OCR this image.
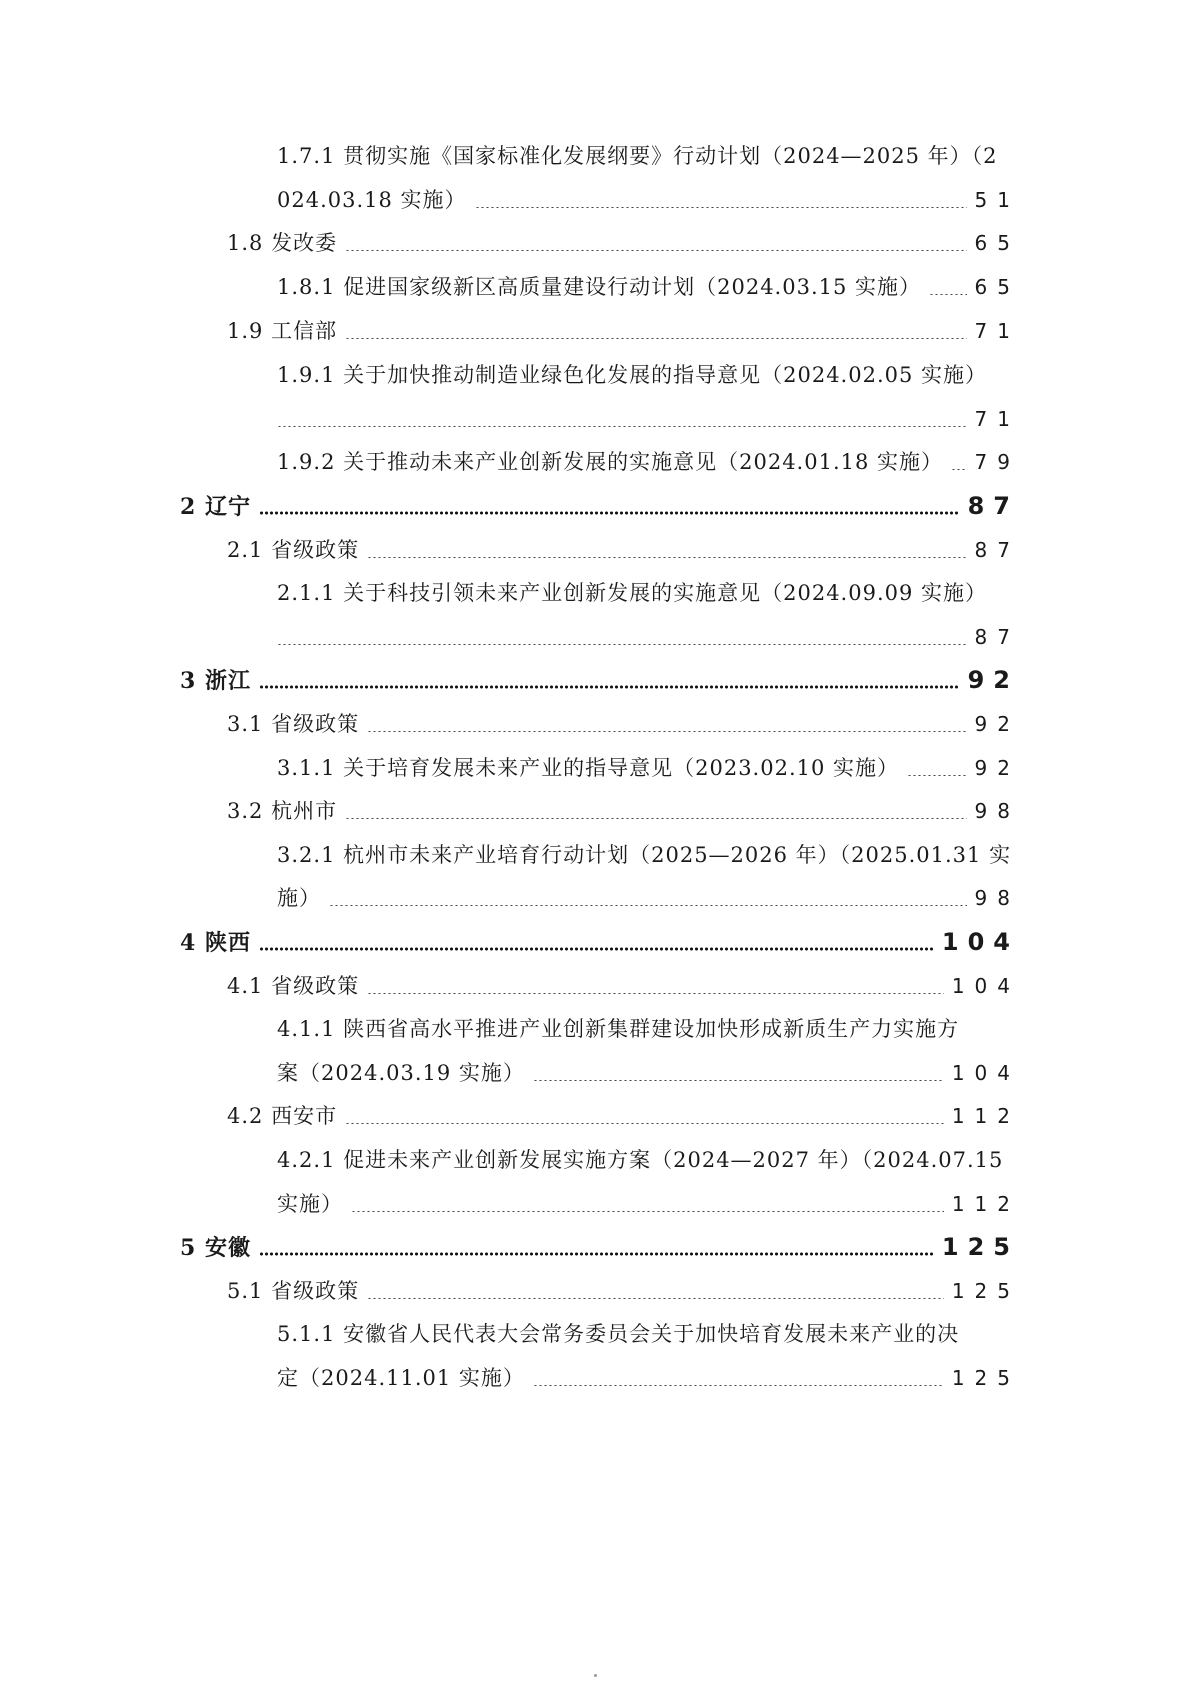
1.7.1 贯彻实施《国家标准化发展纲要》行动计划（2024—2025 年）（2
024.03.18 实施）	51
1.8 发改委	65
1.8.1 促进国家级新区高质量建设行动计划（2024.03.15 实施）	65
1.9 工信部	71
1.9.1 关于加快推动制造业绿色化发展的指导意见（2024.02.05 实施）
71
1.9.2 关于推动未来产业创新发展的实施意见（2024.01.18 实施） 79
2 辽宁	87
2.1 省级政策	87
2.1.1 关于科技引领未来产业创新发展的实施意见（2024.09.09 实施）
87
3 浙江	92
3.1 省级政策	92
3.1.1 关于培育发展未来产业的指导意见（2023.02.10 实施）	92
3.2 杭州市	98
3.2.1 杭州市未来产业培育行动计划（2025—2026 年）（2025.01.31 实
施）	98
4 陕西	104
4.1 省级政策	104
4.1.1 陕西省高水平推进产业创新集群建设加快形成新质生产力实施方
案（2024.03.19 实施）	104
4.2 西安市	112
4.2.1 促进未来产业创新发展实施方案（2024—2027 年）（2024.07.15
实施）	112
5 安徽	125
5.1 省级政策	125
5.1.1 安徽省人民代表大会常务委员会关于加快培育发展未来产业的决
定（2024.11.01 实施）	125
